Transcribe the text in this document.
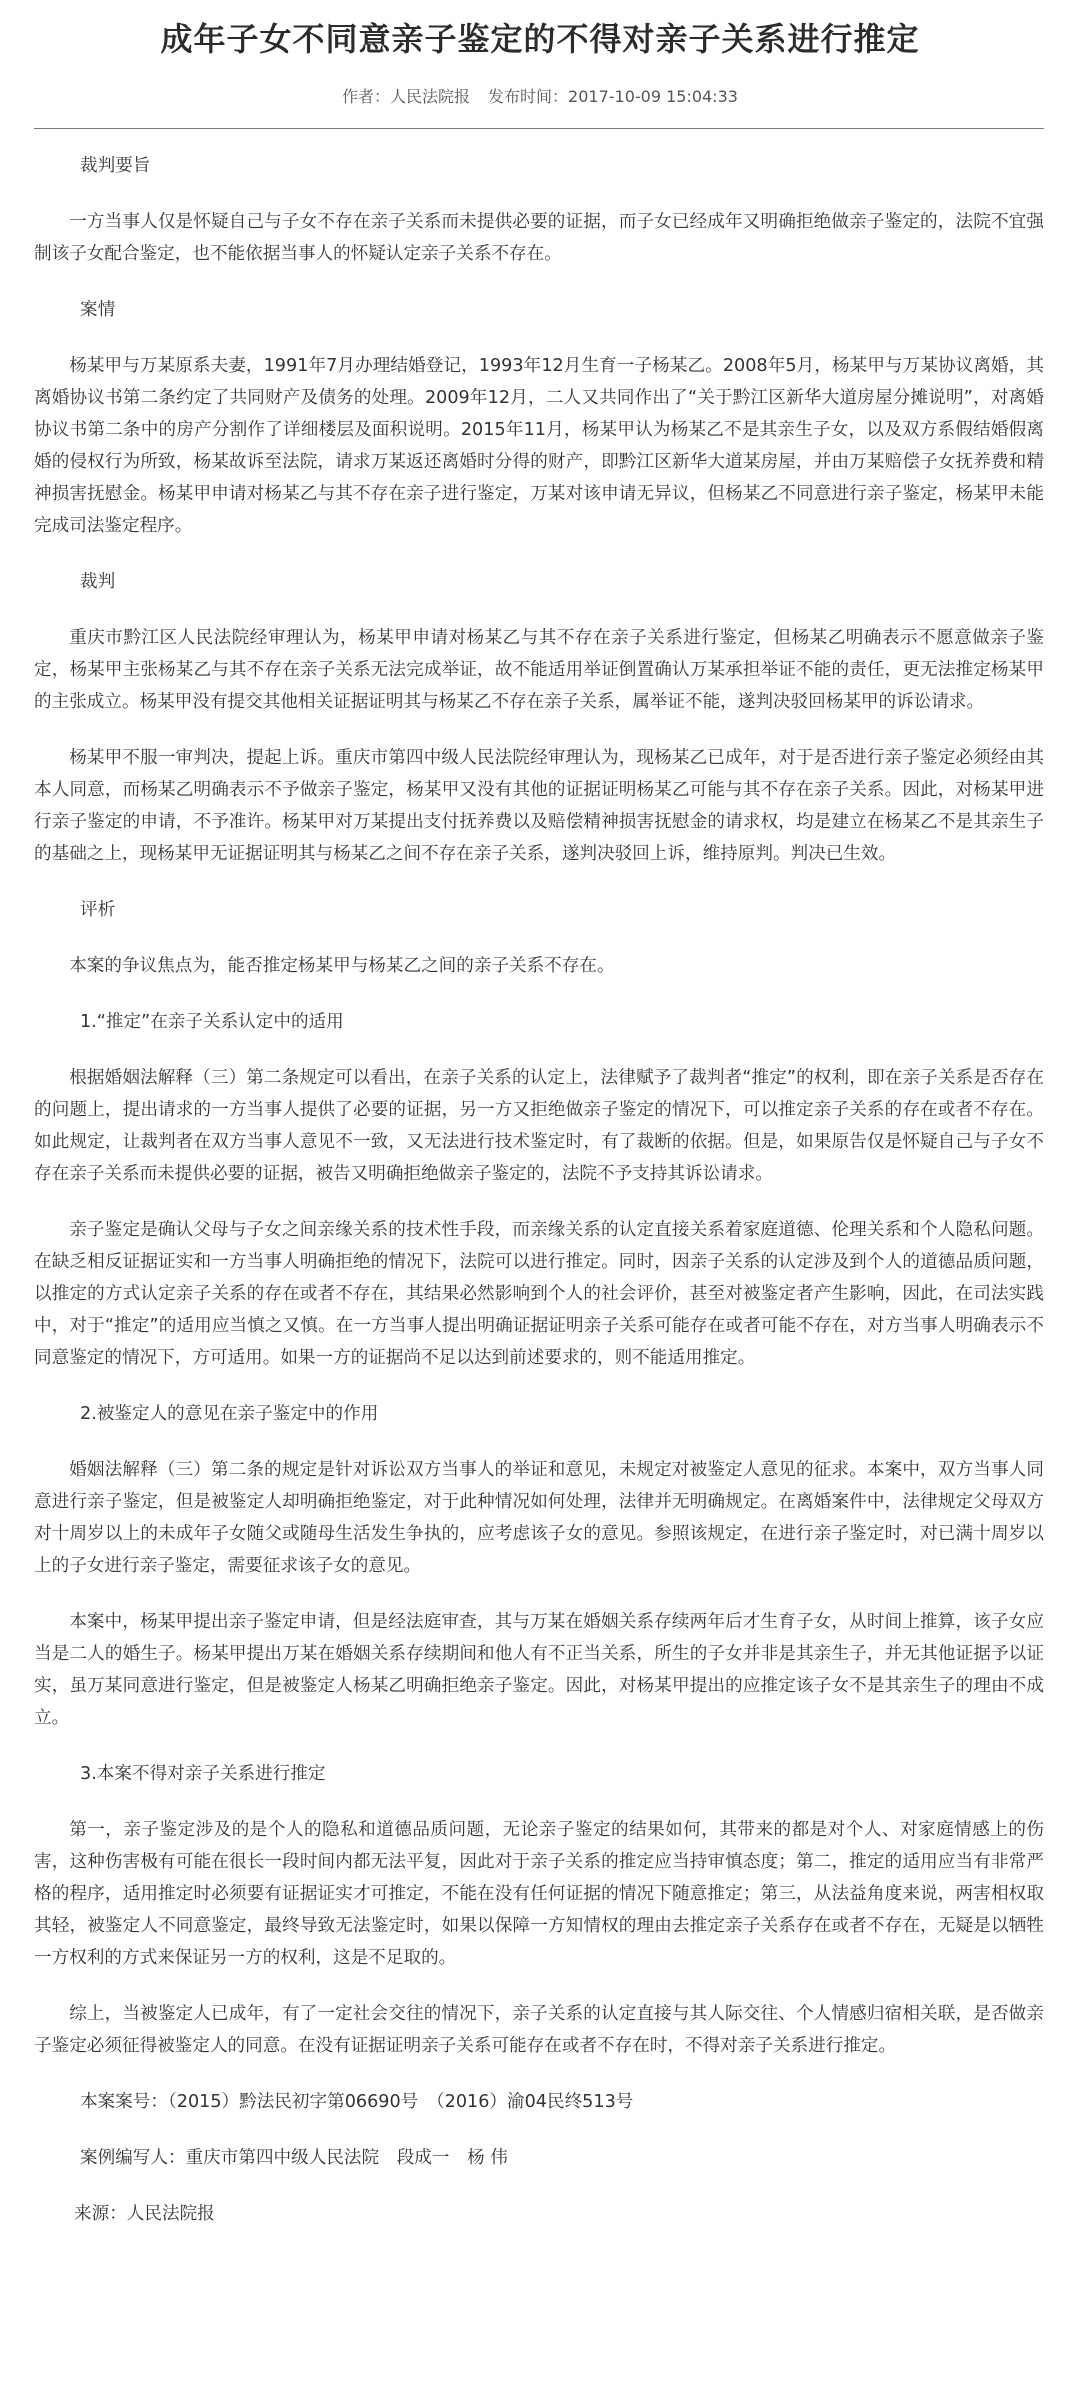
成年子女不同意亲子鉴定的不得对亲子关系进行推定
作者：人民法院报 发布时间：2017-10-09 15:04:33
裁判要旨

一方当事人仅是怀疑自己与子女不存在亲子关系而未提供必要的证据，而子女已经成年又明确拒绝做亲子鉴定的，法院不宜强制该子女配合鉴定，也不能依据当事人的怀疑认定亲子关系不存在。

案情

杨某甲与万某原系夫妻，1991年7月办理结婚登记，1993年12月生育一子杨某乙。2008年5月，杨某甲与万某协议离婚，其离婚协议书第二条约定了共同财产及债务的处理。2009年12月，二人又共同作出了“关于黔江区新华大道房屋分摊说明”，对离婚协议书第二条中的房产分割作了详细楼层及面积说明。2015年11月，杨某甲认为杨某乙不是其亲生子女，以及双方系假结婚假离婚的侵权行为所致，杨某故诉至法院，请求万某返还离婚时分得的财产，即黔江区新华大道某房屋，并由万某赔偿子女抚养费和精神损害抚慰金。杨某甲申请对杨某乙与其不存在亲子进行鉴定，万某对该申请无异议，但杨某乙不同意进行亲子鉴定，杨某甲未能完成司法鉴定程序。

裁判

重庆市黔江区人民法院经审理认为，杨某甲申请对杨某乙与其不存在亲子关系进行鉴定，但杨某乙明确表示不愿意做亲子鉴定，杨某甲主张杨某乙与其不存在亲子关系无法完成举证，故不能适用举证倒置确认万某承担举证不能的责任，更无法推定杨某甲的主张成立。杨某甲没有提交其他相关证据证明其与杨某乙不存在亲子关系，属举证不能，遂判决驳回杨某甲的诉讼请求。

杨某甲不服一审判决，提起上诉。重庆市第四中级人民法院经审理认为，现杨某乙已成年，对于是否进行亲子鉴定必须经由其本人同意，而杨某乙明确表示不予做亲子鉴定，杨某甲又没有其他的证据证明杨某乙可能与其不存在亲子关系。因此，对杨某甲进行亲子鉴定的申请，不予准许。杨某甲对万某提出支付抚养费以及赔偿精神损害抚慰金的请求权，均是建立在杨某乙不是其亲生子的基础之上，现杨某甲无证据证明其与杨某乙之间不存在亲子关系，遂判决驳回上诉，维持原判。判决已生效。

评析

本案的争议焦点为，能否推定杨某甲与杨某乙之间的亲子关系不存在。

1.“推定”在亲子关系认定中的适用

根据婚姻法解释（三）第二条规定可以看出，在亲子关系的认定上，法律赋予了裁判者“推定”的权利，即在亲子关系是否存在的问题上，提出请求的一方当事人提供了必要的证据，另一方又拒绝做亲子鉴定的情况下，可以推定亲子关系的存在或者不存在。如此规定，让裁判者在双方当事人意见不一致，又无法进行技术鉴定时，有了裁断的依据。但是，如果原告仅是怀疑自己与子女不存在亲子关系而未提供必要的证据，被告又明确拒绝做亲子鉴定的，法院不予支持其诉讼请求。

亲子鉴定是确认父母与子女之间亲缘关系的技术性手段，而亲缘关系的认定直接关系着家庭道德、伦理关系和个人隐私问题。在缺乏相反证据证实和一方当事人明确拒绝的情况下，法院可以进行推定。同时，因亲子关系的认定涉及到个人的道德品质问题，以推定的方式认定亲子关系的存在或者不存在，其结果必然影响到个人的社会评价，甚至对被鉴定者产生影响，因此，在司法实践中，对于“推定”的适用应当慎之又慎。在一方当事人提出明确证据证明亲子关系可能存在或者可能不存在，对方当事人明确表示不同意鉴定的情况下，方可适用。如果一方的证据尚不足以达到前述要求的，则不能适用推定。

2.被鉴定人的意见在亲子鉴定中的作用

婚姻法解释（三）第二条的规定是针对诉讼双方当事人的举证和意见，未规定对被鉴定人意见的征求。本案中，双方当事人同意进行亲子鉴定，但是被鉴定人却明确拒绝鉴定，对于此种情况如何处理，法律并无明确规定。在离婚案件中，法律规定父母双方对十周岁以上的未成年子女随父或随母生活发生争执的，应考虑该子女的意见。参照该规定，在进行亲子鉴定时，对已满十周岁以上的子女进行亲子鉴定，需要征求该子女的意见。

本案中，杨某甲提出亲子鉴定申请，但是经法庭审查，其与万某在婚姻关系存续两年后才生育子女，从时间上推算，该子女应当是二人的婚生子。杨某甲提出万某在婚姻关系存续期间和他人有不正当关系，所生的子女并非是其亲生子，并无其他证据予以证实，虽万某同意进行鉴定，但是被鉴定人杨某乙明确拒绝亲子鉴定。因此，对杨某甲提出的应推定该子女不是其亲生子的理由不成立。

3.本案不得对亲子关系进行推定

第一，亲子鉴定涉及的是个人的隐私和道德品质问题，无论亲子鉴定的结果如何，其带来的都是对个人、对家庭情感上的伤害，这种伤害极有可能在很长一段时间内都无法平复，因此对于亲子关系的推定应当持审慎态度；第二，推定的适用应当有非常严格的程序，适用推定时必须要有证据证实才可推定，不能在没有任何证据的情况下随意推定；第三，从法益角度来说，两害相权取其轻，被鉴定人不同意鉴定，最终导致无法鉴定时，如果以保障一方知情权的理由去推定亲子关系存在或者不存在，无疑是以牺牲一方权利的方式来保证另一方的权利，这是不足取的。

综上，当被鉴定人已成年，有了一定社会交往的情况下，亲子关系的认定直接与其人际交往、个人情感归宿相关联，是否做亲子鉴定必须征得被鉴定人的同意。在没有证据证明亲子关系可能存在或者不存在时，不得对亲子关系进行推定。

本案案号：（2015）黔法民初字第06690号　（2016）渝04民终513号
案例编写人：重庆市第四中级人民法院　段成一　杨 伟
来源：人民法院报
